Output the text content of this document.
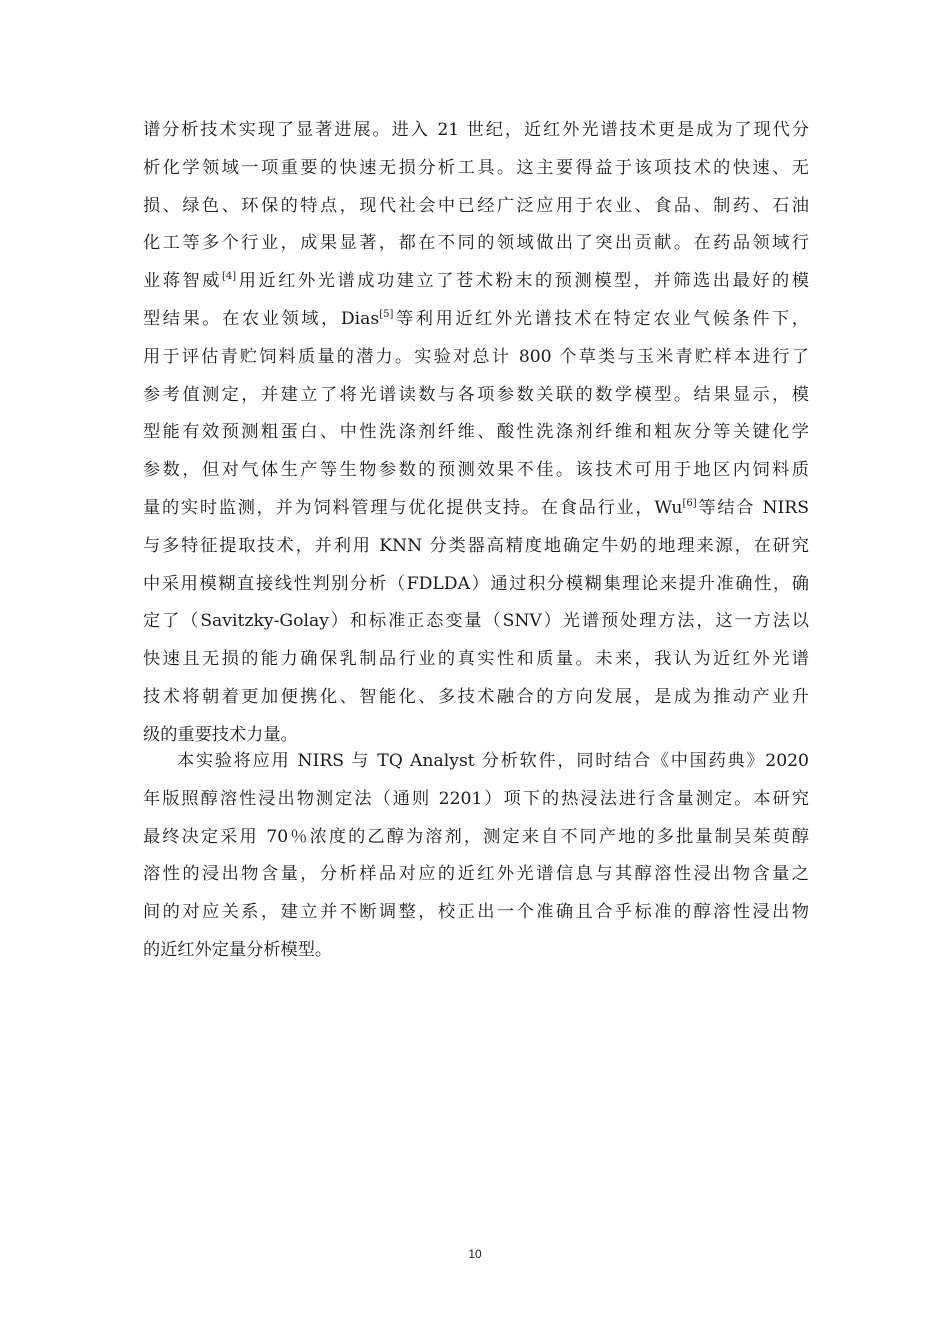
谱分析技术实现了显著进展。进入 21 世纪，近红外光谱技术更是成为了现代分
析化学领域一项重要的快速无损分析工具。这主要得益于该项技术的快速、无
损、绿色、环保的特点，现代社会中已经广泛应用于农业、食品、制药、石油
化工等多个行业，成果显著，都在不同的领域做出了突出贡献。在药品领域行
业蒋智威[4]用近红外光谱成功建立了苍术粉末的预测模型，并筛选出最好的模
型结果。在农业领域，Dias[5]等利用近红外光谱技术在特定农业气候条件下，
用于评估青贮饲料质量的潜力。实验对总计 800 个草类与玉米青贮样本进行了
参考值测定，并建立了将光谱读数与各项参数关联的数学模型。结果显示，模
型能有效预测粗蛋白、中性洗涤剂纤维、酸性洗涤剂纤维和粗灰分等关键化学
参数，但对气体生产等生物参数的预测效果不佳。该技术可用于地区内饲料质
量的实时监测，并为饲料管理与优化提供支持。在食品行业，Wu[6]等结合 NIRS
与多特征提取技术，并利用 KNN 分类器高精度地确定牛奶的地理来源，在研究
中采用模糊直接线性判别分析（FDLDA）通过积分模糊集理论来提升准确性，确
定了（Savitzky-Golay）和标准正态变量（SNV）光谱预处理方法，这一方法以
快速且无损的能力确保乳制品行业的真实性和质量。未来，我认为近红外光谱
技术将朝着更加便携化、智能化、多技术融合的方向发展，是成为推动产业升
级的重要技术力量。
本实验将应用 NIRS 与 TQ Analyst 分析软件，同时结合《中国药典》2020
年版照醇溶性浸出物测定法（通则 2201）项下的热浸法进行含量测定。本研究
最终决定采用 70％浓度的乙醇为溶剂，测定来自不同产地的多批量制吴茱萸醇
溶性的浸出物含量，分析样品对应的近红外光谱信息与其醇溶性浸出物含量之
间的对应关系，建立并不断调整，校正出一个准确且合乎标准的醇溶性浸出物
的近红外定量分析模型。
10
